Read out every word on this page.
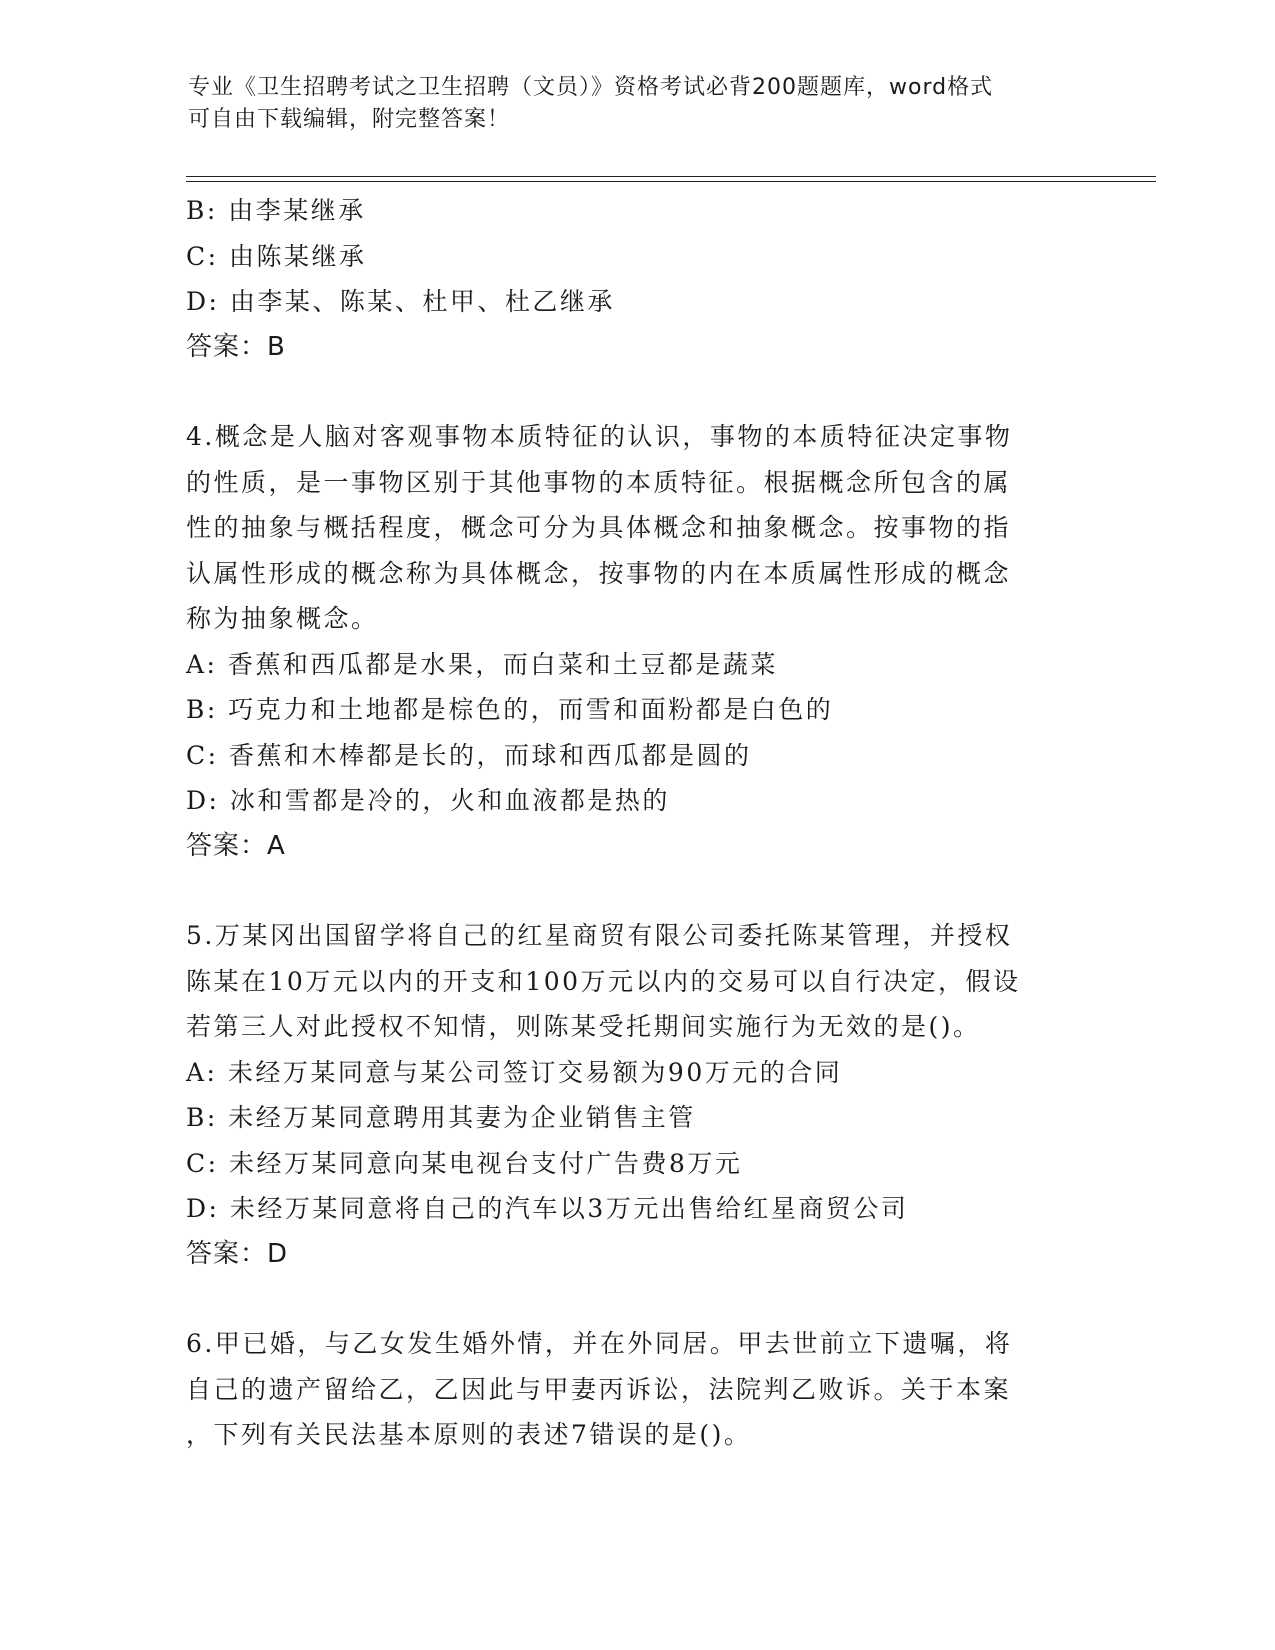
专业《卫生招聘考试之卫生招聘（文员）》资格考试必背200题题库，word格式
可自由下载编辑，附完整答案！
B: 由李某继承
C: 由陈某继承
D: 由李某、陈某、杜甲、杜乙继承
答案：B
4.概念是人脑对客观事物本质特征的认识，事物的本质特征决定事物
的性质，是一事物区别于其他事物的本质特征。根据概念所包含的属
性的抽象与概括程度，概念可分为具体概念和抽象概念。按事物的指
认属性形成的概念称为具体概念，按事物的内在本质属性形成的概念
称为抽象概念。
A: 香蕉和西瓜都是水果，而白菜和土豆都是蔬菜
B: 巧克力和土地都是棕色的，而雪和面粉都是白色的
C: 香蕉和木棒都是长的，而球和西瓜都是圆的
D: 冰和雪都是冷的，火和血液都是热的
答案：A
5.万某冈出国留学将自己的红星商贸有限公司委托陈某管理，并授权
陈某在10万元以内的开支和100万元以内的交易可以自行决定，假设
若第三人对此授权不知情，则陈某受托期间实施行为无效的是()。
A: 未经万某同意与某公司签订交易额为90万元的合同
B: 未经万某同意聘用其妻为企业销售主管
C: 未经万某同意向某电视台支付广告费8万元
D: 未经万某同意将自己的汽车以3万元出售给红星商贸公司
答案：D
6.甲已婚，与乙女发生婚外情，并在外同居。甲去世前立下遗嘱，将
自己的遗产留给乙，乙因此与甲妻丙诉讼，法院判乙败诉。关于本案
，下列有关民法基本原则的表述7错误的是()。
